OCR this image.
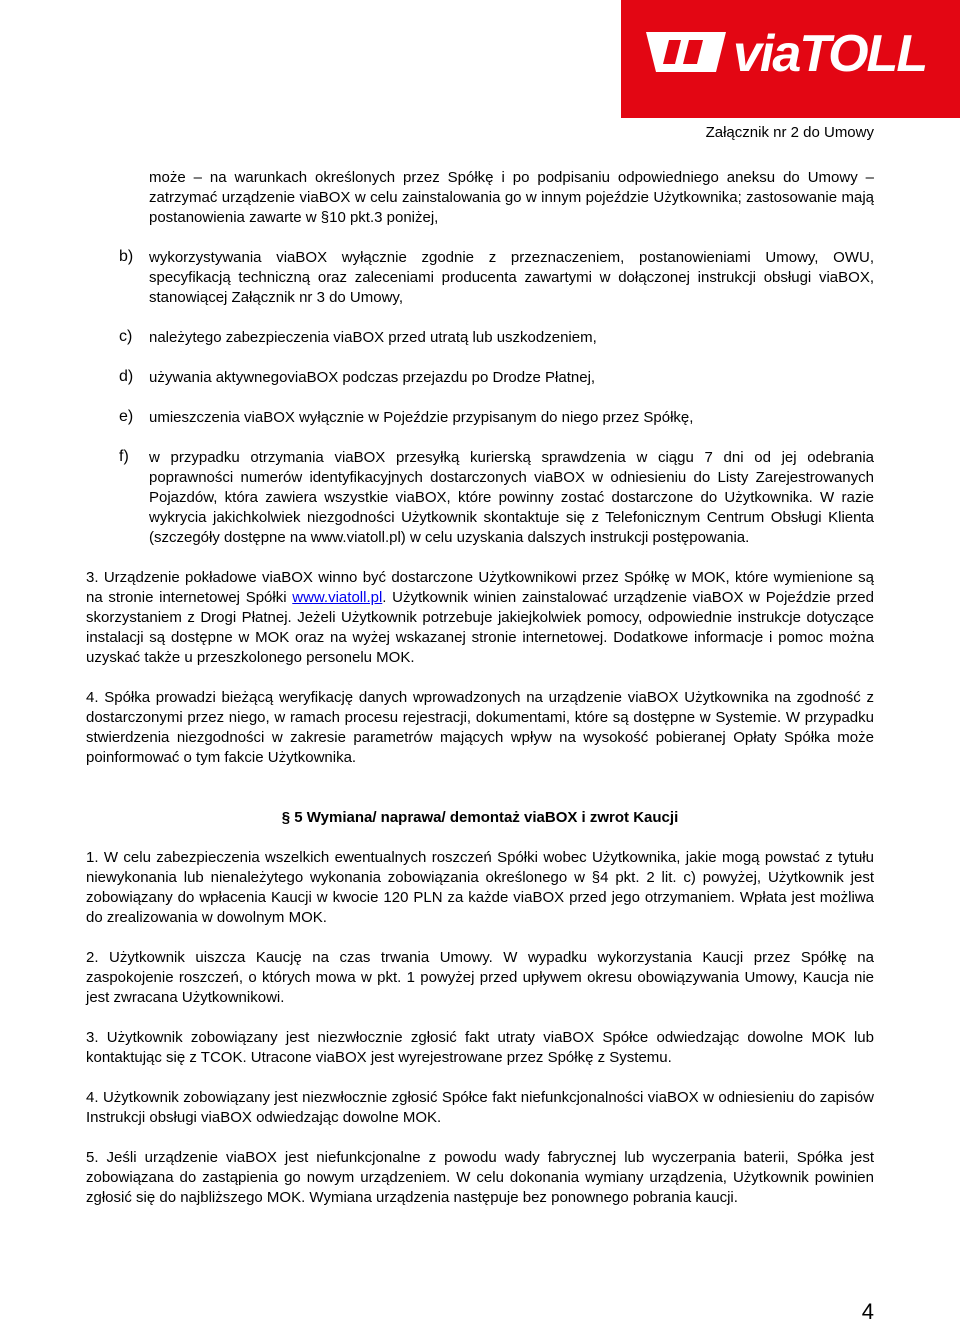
viaTOLL
Załącznik nr 2 do Umowy

może – na warunkach określonych przez Spółkę i po podpisaniu odpowiedniego aneksu do Umowy – zatrzymać urządzenie viaBOX w celu zainstalowania go w innym pojeździe Użytkownika; zastosowanie mają postanowienia zawarte w §10 pkt.3 poniżej,

b) wykorzystywania viaBOX wyłącznie zgodnie z przeznaczeniem, postanowieniami Umowy, OWU, specyfikacją techniczną oraz zaleceniami producenta zawartymi w dołączonej instrukcji obsługi viaBOX, stanowiącej Załącznik nr 3 do Umowy,

c) należytego zabezpieczenia viaBOX przed utratą lub uszkodzeniem,

d) używania aktywnegoviaBOX podczas przejazdu po Drodze Płatnej,

e) umieszczenia viaBOX wyłącznie w Pojeździe przypisanym do niego przez Spółkę,

f) w przypadku otrzymania viaBOX przesyłką kurierską sprawdzenia w ciągu 7 dni od jej odebrania poprawności numerów identyfikacyjnych dostarczonych viaBOX w odniesieniu do Listy Zarejestrowanych Pojazdów, która zawiera wszystkie viaBOX, które powinny zostać dostarczone do Użytkownika. W razie wykrycia jakichkolwiek niezgodności Użytkownik skontaktuje się z Telefonicznym Centrum Obsługi Klienta (szczegóły dostępne na www.viatoll.pl) w celu uzyskania dalszych instrukcji postępowania.

3. Urządzenie pokładowe viaBOX winno być dostarczone Użytkownikowi przez Spółkę w MOK, które wymienione są na stronie internetowej Spółki www.viatoll.pl. Użytkownik winien zainstalować urządzenie viaBOX w Pojeździe przed skorzystaniem z Drogi Płatnej. Jeżeli Użytkownik potrzebuje jakiejkolwiek pomocy, odpowiednie instrukcje dotyczące instalacji są dostępne w MOK oraz na wyżej wskazanej stronie internetowej. Dodatkowe informacje i pomoc można uzyskać także u przeszkolonego personelu MOK.

4. Spółka prowadzi bieżącą weryfikację danych wprowadzonych na urządzenie viaBOX Użytkownika na zgodność z dostarczonymi przez niego, w ramach procesu rejestracji, dokumentami, które są dostępne w Systemie. W przypadku stwierdzenia niezgodności w zakresie parametrów mających wpływ na wysokość pobieranej Opłaty Spółka może poinformować o tym fakcie Użytkownika.

§ 5 Wymiana/ naprawa/ demontaż viaBOX i zwrot Kaucji

1. W celu zabezpieczenia wszelkich ewentualnych roszczeń Spółki wobec Użytkownika, jakie mogą powstać z tytułu niewykonania lub nienależytego wykonania zobowiązania określonego w §4 pkt. 2 lit. c) powyżej, Użytkownik jest zobowiązany do wpłacenia Kaucji w kwocie 120 PLN za każde viaBOX przed jego otrzymaniem. Wpłata jest możliwa do zrealizowania w dowolnym MOK.

2. Użytkownik uiszcza Kaucję na czas trwania Umowy. W wypadku wykorzystania Kaucji przez Spółkę na zaspokojenie roszczeń, o których mowa w pkt. 1 powyżej przed upływem okresu obowiązywania Umowy, Kaucja nie jest zwracana Użytkownikowi.

3. Użytkownik zobowiązany jest niezwłocznie zgłosić fakt utraty viaBOX Spółce odwiedzając dowolne MOK lub kontaktując się z TCOK. Utracone viaBOX jest wyrejestrowane przez Spółkę z Systemu.

4. Użytkownik zobowiązany jest niezwłocznie zgłosić Spółce fakt niefunkcjonalności viaBOX w odniesieniu do zapisów Instrukcji obsługi viaBOX odwiedzając dowolne MOK.

5. Jeśli urządzenie viaBOX jest niefunkcjonalne z powodu wady fabrycznej lub wyczerpania baterii, Spółka jest zobowiązana do zastąpienia go nowym urządzeniem. W celu dokonania wymiany urządzenia, Użytkownik powinien zgłosić się do najbliższego MOK. Wymiana urządzenia następuje bez ponownego pobrania kaucji.

4
